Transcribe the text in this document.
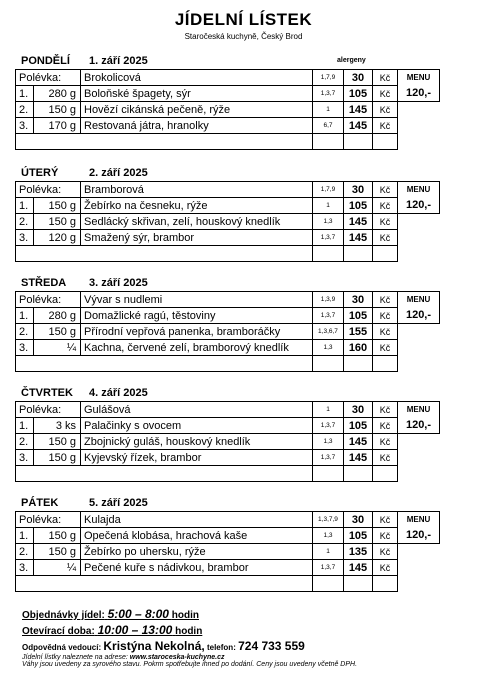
JÍDELNÍ LÍSTEK
Staročeská kuchyně, Český Brod
alergeny
PONDĚLÍ 1. září 2025
Polévka:		Brokolicová	1,7,9	30	Kč	MENU
1.	280 g	Boloňské špagety, sýr	1,3,7	105	Kč	120,-
2.	150 g	Hovězí cikánská pečeně, rýže	1	145	Kč	
3.	170 g	Restovaná játra, hranolky	6,7	145	Kč	

ÚTERÝ	2. září 2025
Polévka:		Bramborová	1,7,9	30	Kč	MENU
1.	150 g	Žebírko na česneku, rýže	1	105	Kč	120,-
2.	150 g	Sedlácký skřivan, zelí, houskový knedlík	1,3	145	Kč	
3.	120 g	Smažený sýr, brambor	1,3,7	145	Kč	

STŘEDA 3. září 2025
Polévka:		Vývar s nudlemi	1,3,9	30	Kč	MENU
1.	280 g	Domažlické ragú, těstoviny	1,3,7	105	Kč	120,-
2.	150 g	Přírodní vepřová panenka, bramboráčky	1,3,6,7	155	Kč	
3.	¼	Kachna, červené zelí, bramborový knedlík	1,3	160	Kč	

ČTVRTEK 4. září 2025
Polévka:		Gulášová	1	30	Kč	MENU
1.	3 ks	Palačinky s ovocem	1,3,7	105	Kč	120,-
2.	150 g	Zbojnický guláš, houskový knedlík	1,3	145	Kč	
3.	150 g	Kyjevský řízek, brambor	1,3,7	145	Kč	

PÁTEK	5. září 2025
Polévka:		Kulajda	1,3,7,9	30	Kč	MENU
1.	150 g	Opečená klobása, hrachová kaše	1,3	105	Kč	120,-
2.	150 g	Žebírko po uhersku, rýže	1	135	Kč	
3.	¼	Pečené kuře s nádivkou, brambor	1,3,7	145	Kč	

Objednávky jídel: 5:00 – 8:00 hodin
Otevírací doba: 10:00 – 13:00 hodin
Odpovědná vedoucí: Kristýna Nekolná, telefon: 724 733 559
Jídelní lístky naleznete na adrese: www.staroceska-kuchyne.cz
Váhy jsou uvedeny za syrového stavu. Pokrm spotřebujte ihned po dodání. Ceny jsou uvedeny včetně DPH.
